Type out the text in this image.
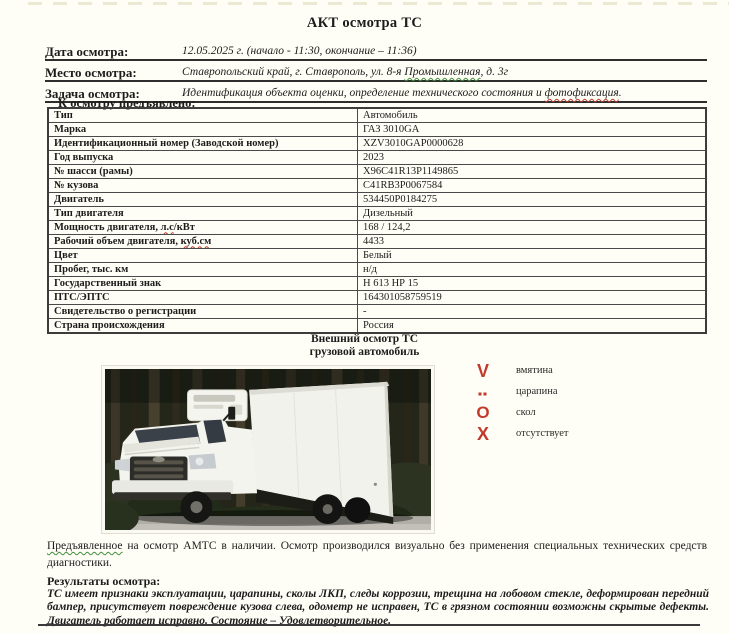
АКТ осмотра ТС
Дата осмотра:	12.05.2025 г. (начало - 11:30, окончание – 11:36)
Место осмотра:	Ставропольский край, г. Ставрополь, ул. 8-я Промышленная, д. 3г
Задача осмотра:	Идентификация объекта оценки, определение технического состояния и фотофиксация.
К осмотру предъявлено:
Тип	Автомобиль
Марка	ГАЗ 3010GA
Идентификационный номер (Заводской номер)	XZV3010GAP0000628
Год выпуска	2023
№ шасси (рамы)	X96C41R13P1149865
№ кузова	C41RB3P0067584
Двигатель	534450P0184275
Тип двигателя	Дизельный
Мощность двигателя, л.с/кВт	168 / 124,2
Рабочий объем двигателя, куб.см	4433
Цвет	Белый
Пробег, тыс. км	н/д
Государственный знак	Н 613 НР 15
ПТС/ЭПТС	164301058759519
Свидетельство о регистрации	-
Страна происхождения	Россия
Внешний осмотр ТС
грузовой автомобиль
V	вмятина
--	царапина
O	скол
X	отсутствует
Предъявленное на осмотр АМТС в наличии. Осмотр производился визуально без применения специальных технических средств диагностики.
Результаты осмотра:
ТС имеет признаки эксплуатации, царапины, сколы ЛКП, следы коррозии, трещина на лобовом стекле, деформирован передний бампер, присутствует повреждение кузова слева, одометр не исправен, ТС в грязном состоянии возможны скрытые дефекты. Двигатель работает исправно. Состояние – Удовлетворительное.
